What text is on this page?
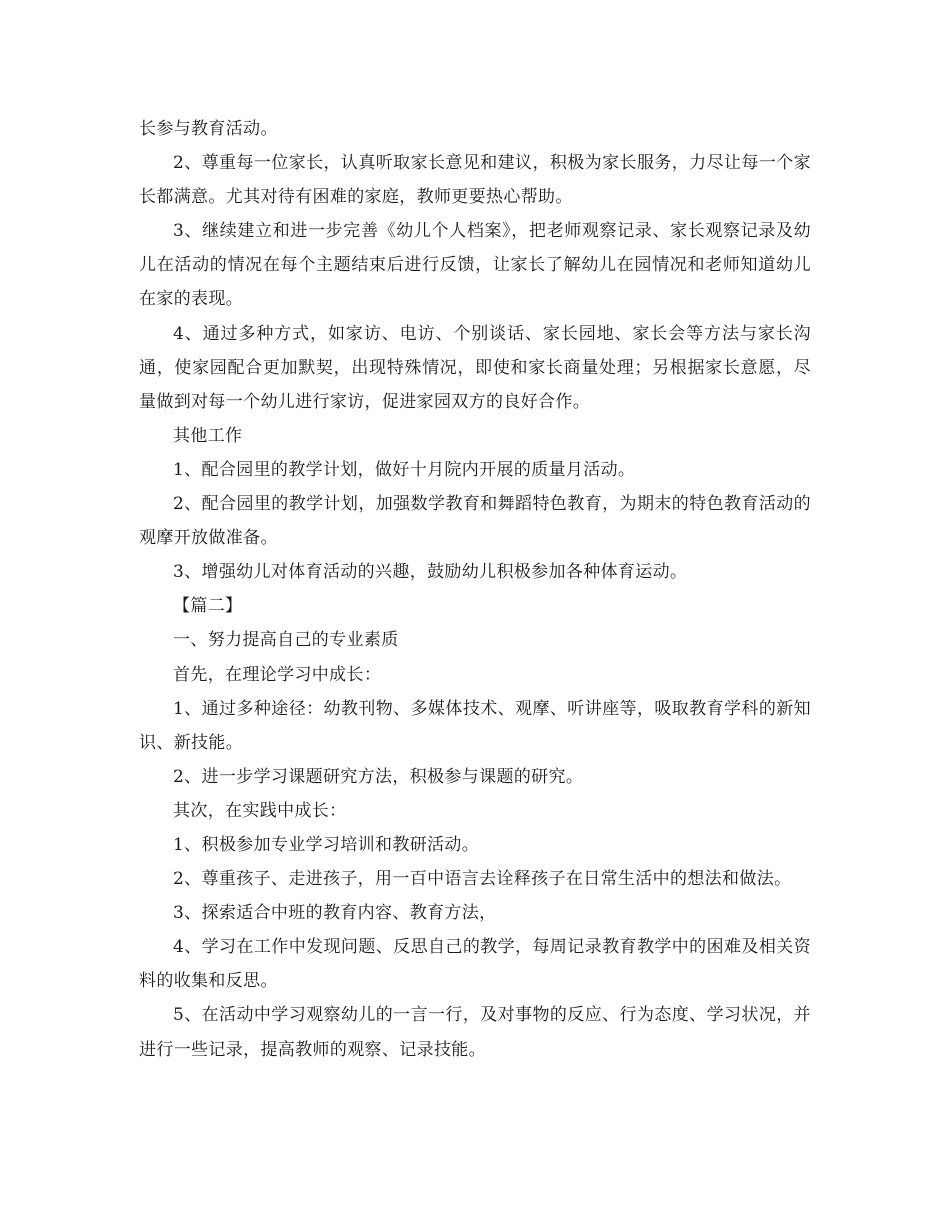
长参与教育活动。

2、尊重每一位家长，认真听取家长意见和建议，积极为家长服务，力尽让每一个家长都满意。尤其对待有困难的家庭，教师更要热心帮助。

3、继续建立和进一步完善《幼儿个人档案》，把老师观察记录、家长观察记录及幼儿在活动的情况在每个主题结束后进行反馈，让家长了解幼儿在园情况和老师知道幼儿在家的表现。

4、通过多种方式，如家访、电访、个别谈话、家长园地、家长会等方法与家长沟通，使家园配合更加默契，出现特殊情况，即使和家长商量处理；另根据家长意愿，尽量做到对每一个幼儿进行家访，促进家园双方的良好合作。

其他工作

1、配合园里的教学计划，做好十月院内开展的质量月活动。

2、配合园里的教学计划，加强数学教育和舞蹈特色教育，为期末的特色教育活动的观摩开放做准备。

3、增强幼儿对体育活动的兴趣，鼓励幼儿积极参加各种体育运动。

【篇二】

一、努力提高自己的专业素质

首先，在理论学习中成长：

1、通过多种途径：幼教刊物、多媒体技术、观摩、听讲座等，吸取教育学科的新知识、新技能。

2、进一步学习课题研究方法，积极参与课题的研究。

其次，在实践中成长：

1、积极参加专业学习培训和教研活动。

2、尊重孩子、走进孩子，用一百中语言去诠释孩子在日常生活中的想法和做法。

3、探索适合中班的教育内容、教育方法，

4、学习在工作中发现问题、反思自己的教学，每周记录教育教学中的困难及相关资料的收集和反思。

5、在活动中学习观察幼儿的一言一行，及对事物的反应、行为态度、学习状况，并进行一些记录，提高教师的观察、记录技能。
